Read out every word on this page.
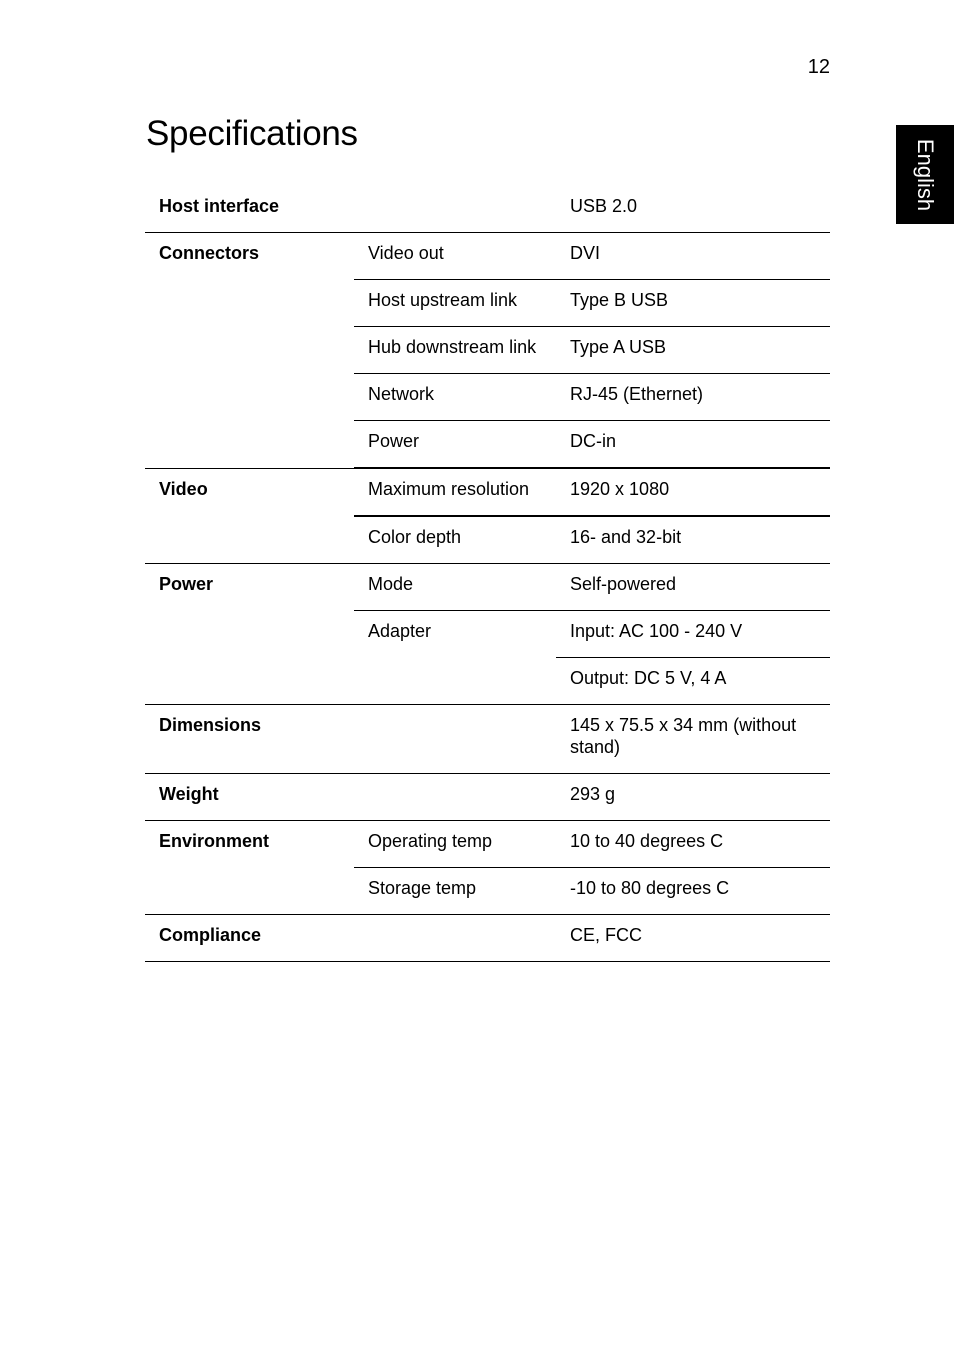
12
English
Specifications
Host interface		USB 2.0
Connectors	Video out	DVI
	Host upstream link	Type B USB
	Hub downstream link	Type A USB
	Network	RJ-45 (Ethernet)
	Power	DC-in
Video	Maximum resolution	1920 x 1080
	Color depth	16- and 32-bit
Power	Mode	Self-powered
	Adapter	Input: AC 100 - 240 V
		Output: DC 5 V, 4 A
Dimensions		145 x 75.5 x 34 mm (without stand)
Weight		293 g
Environment	Operating temp	10 to 40 degrees C
	Storage temp	-10 to 80 degrees C
Compliance		CE, FCC
